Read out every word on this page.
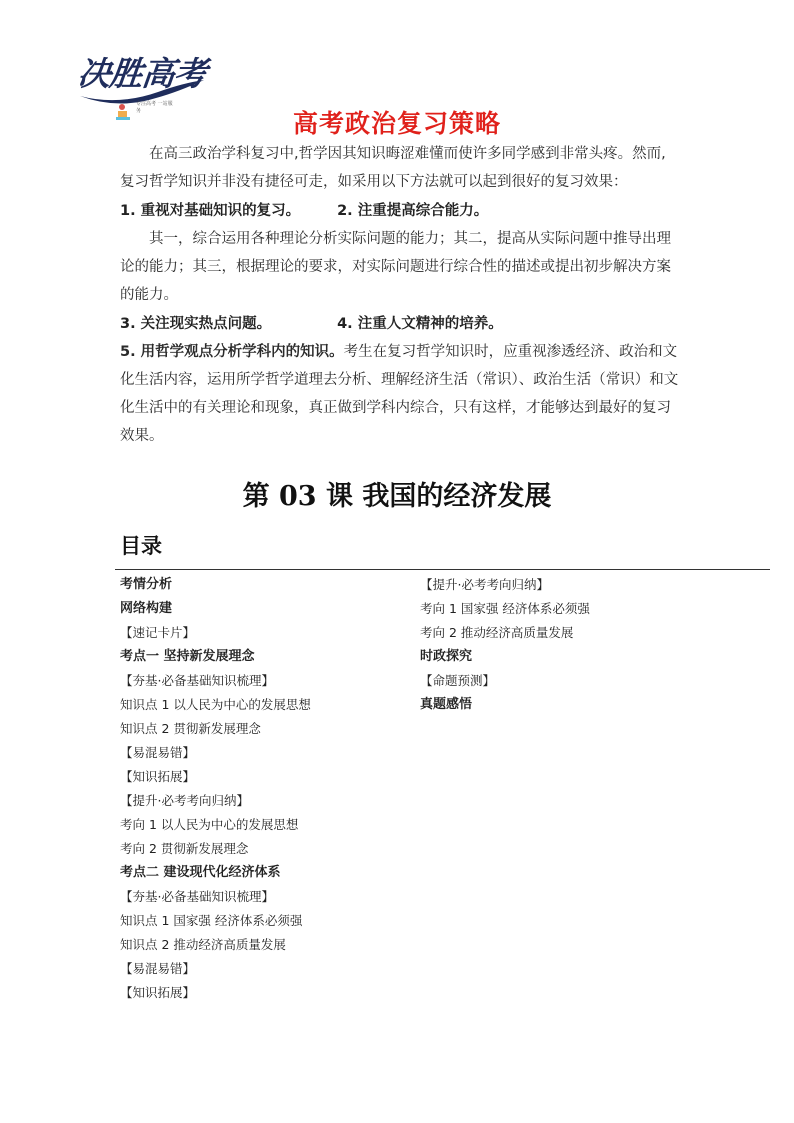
决胜高考
专注高考 一站服务	高考政治复习策略
在高三政治学科复习中,哲学因其知识晦涩难懂而使许多同学感到非常头疼。然而,复习哲学知识并非没有捷径可走，如采用以下方法就可以起到很好的复习效果：
1. 重视对基础知识的复习。	2. 注重提高综合能力。
其一，综合运用各种理论分析实际问题的能力；其二，提高从实际问题中推导出理论的能力；其三，根据理论的要求，对实际问题进行综合性的描述或提出初步解决方案的能力。
3. 关注现实热点问题。	4. 注重人文精神的培养。
5. 用哲学观点分析学科内的知识。考生在复习哲学知识时，应重视渗透经济、政治和文化生活内容，运用所学哲学道理去分析、理解经济生活（常识）、政治生活（常识）和文化生活中的有关理论和现象，真正做到学科内综合，只有这样，才能够达到最好的复习效果。
第 03 课 我国的经济发展
目录
考情分析
网络构建
【速记卡片】
考点一 坚持新发展理念
【夯基·必备基础知识梳理】
知识点 1 以人民为中心的发展思想
知识点 2 贯彻新发展理念
【易混易错】
【知识拓展】
【提升·必考考向归纳】
考向 1 以人民为中心的发展思想
考向 2 贯彻新发展理念
考点二 建设现代化经济体系
【夯基·必备基础知识梳理】
知识点 1 国家强 经济体系必须强
知识点 2 推动经济高质量发展
【易混易错】
【知识拓展】
【提升·必考考向归纳】
考向 1 国家强 经济体系必须强
考向 2 推动经济高质量发展
时政探究
【命题预测】
真题感悟
